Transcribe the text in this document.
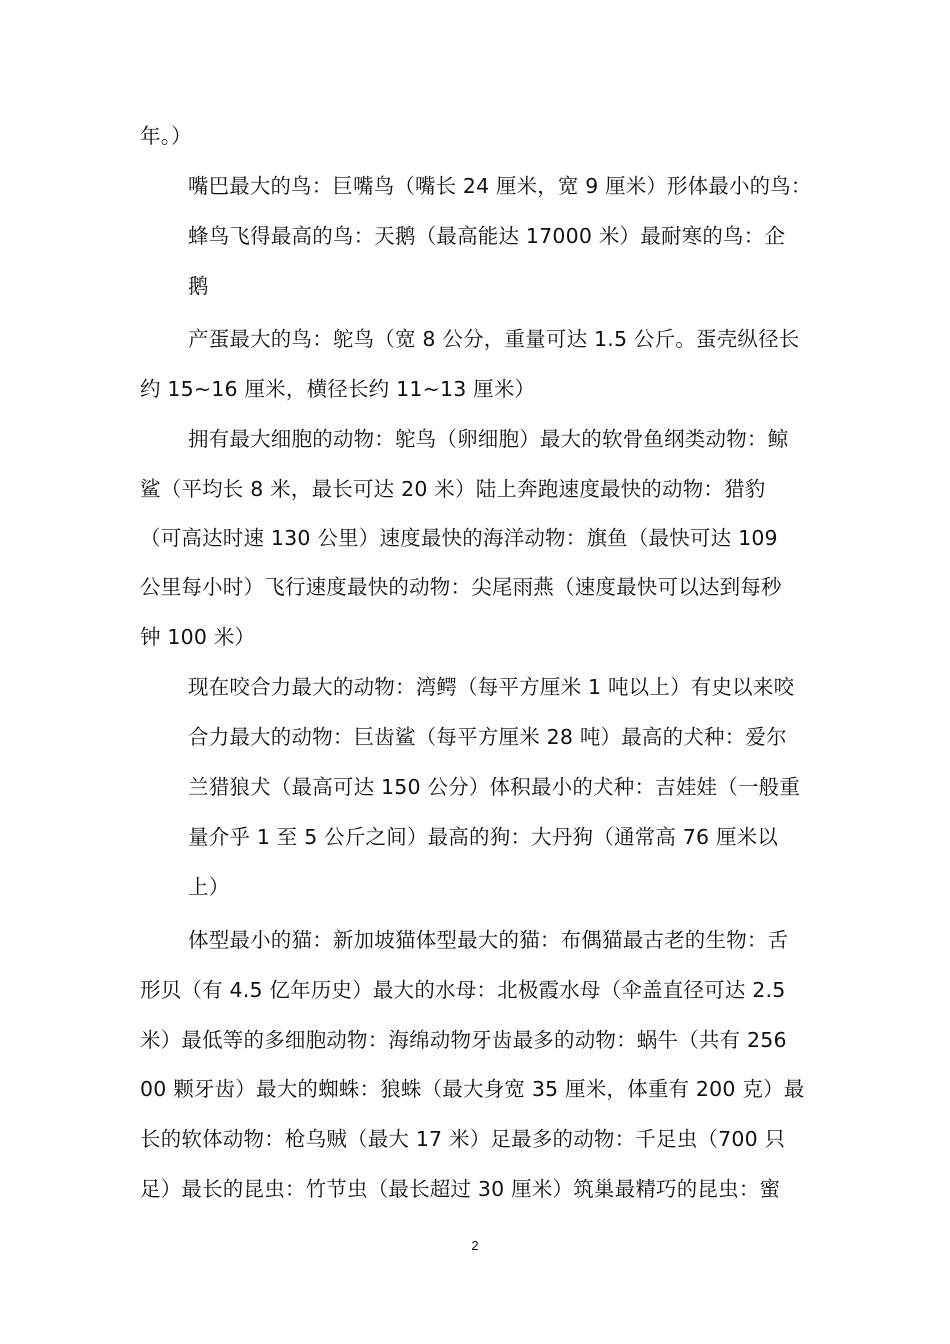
年。）
嘴巴最大的鸟：巨嘴鸟（嘴长 24 厘米，宽 9 厘米）形体最小的鸟：
蜂鸟飞得最高的鸟：天鹅（最高能达 17000 米）最耐寒的鸟：企
鹅
产蛋最大的鸟：鸵鸟（宽 8 公分，重量可达 1.5 公斤。蛋壳纵径长
约 15~16 厘米，横径长约 11~13 厘米）
拥有最大细胞的动物：鸵鸟（卵细胞）最大的软骨鱼纲类动物：鲸
鲨（平均长 8 米，最长可达 20 米）陆上奔跑速度最快的动物：猎豹
（可高达时速 130 公里）速度最快的海洋动物：旗鱼（最快可达 109
公里每小时）飞行速度最快的动物：尖尾雨燕（速度最快可以达到每秒
钟 100 米）
现在咬合力最大的动物：湾鳄（每平方厘米 1 吨以上）有史以来咬
合力最大的动物：巨齿鲨（每平方厘米 28 吨）最高的犬种：爱尔
兰猎狼犬（最高可达 150 公分）体积最小的犬种：吉娃娃（一般重
量介乎 1 至 5 公斤之间）最高的狗：大丹狗（通常高 76 厘米以
上）
体型最小的猫：新加坡猫体型最大的猫：布偶猫最古老的生物：舌
形贝（有 4.5 亿年历史）最大的水母：北极霞水母（伞盖直径可达 2.5
米）最低等的多细胞动物：海绵动物牙齿最多的动物：蜗牛（共有 256
00 颗牙齿）最大的蜘蛛：狼蛛（最大身宽 35 厘米，体重有 200 克）最
长的软体动物：枪乌贼（最大 17 米）足最多的动物：千足虫（700 只
足）最长的昆虫：竹节虫（最长超过 30 厘米）筑巢最精巧的昆虫：蜜
2
